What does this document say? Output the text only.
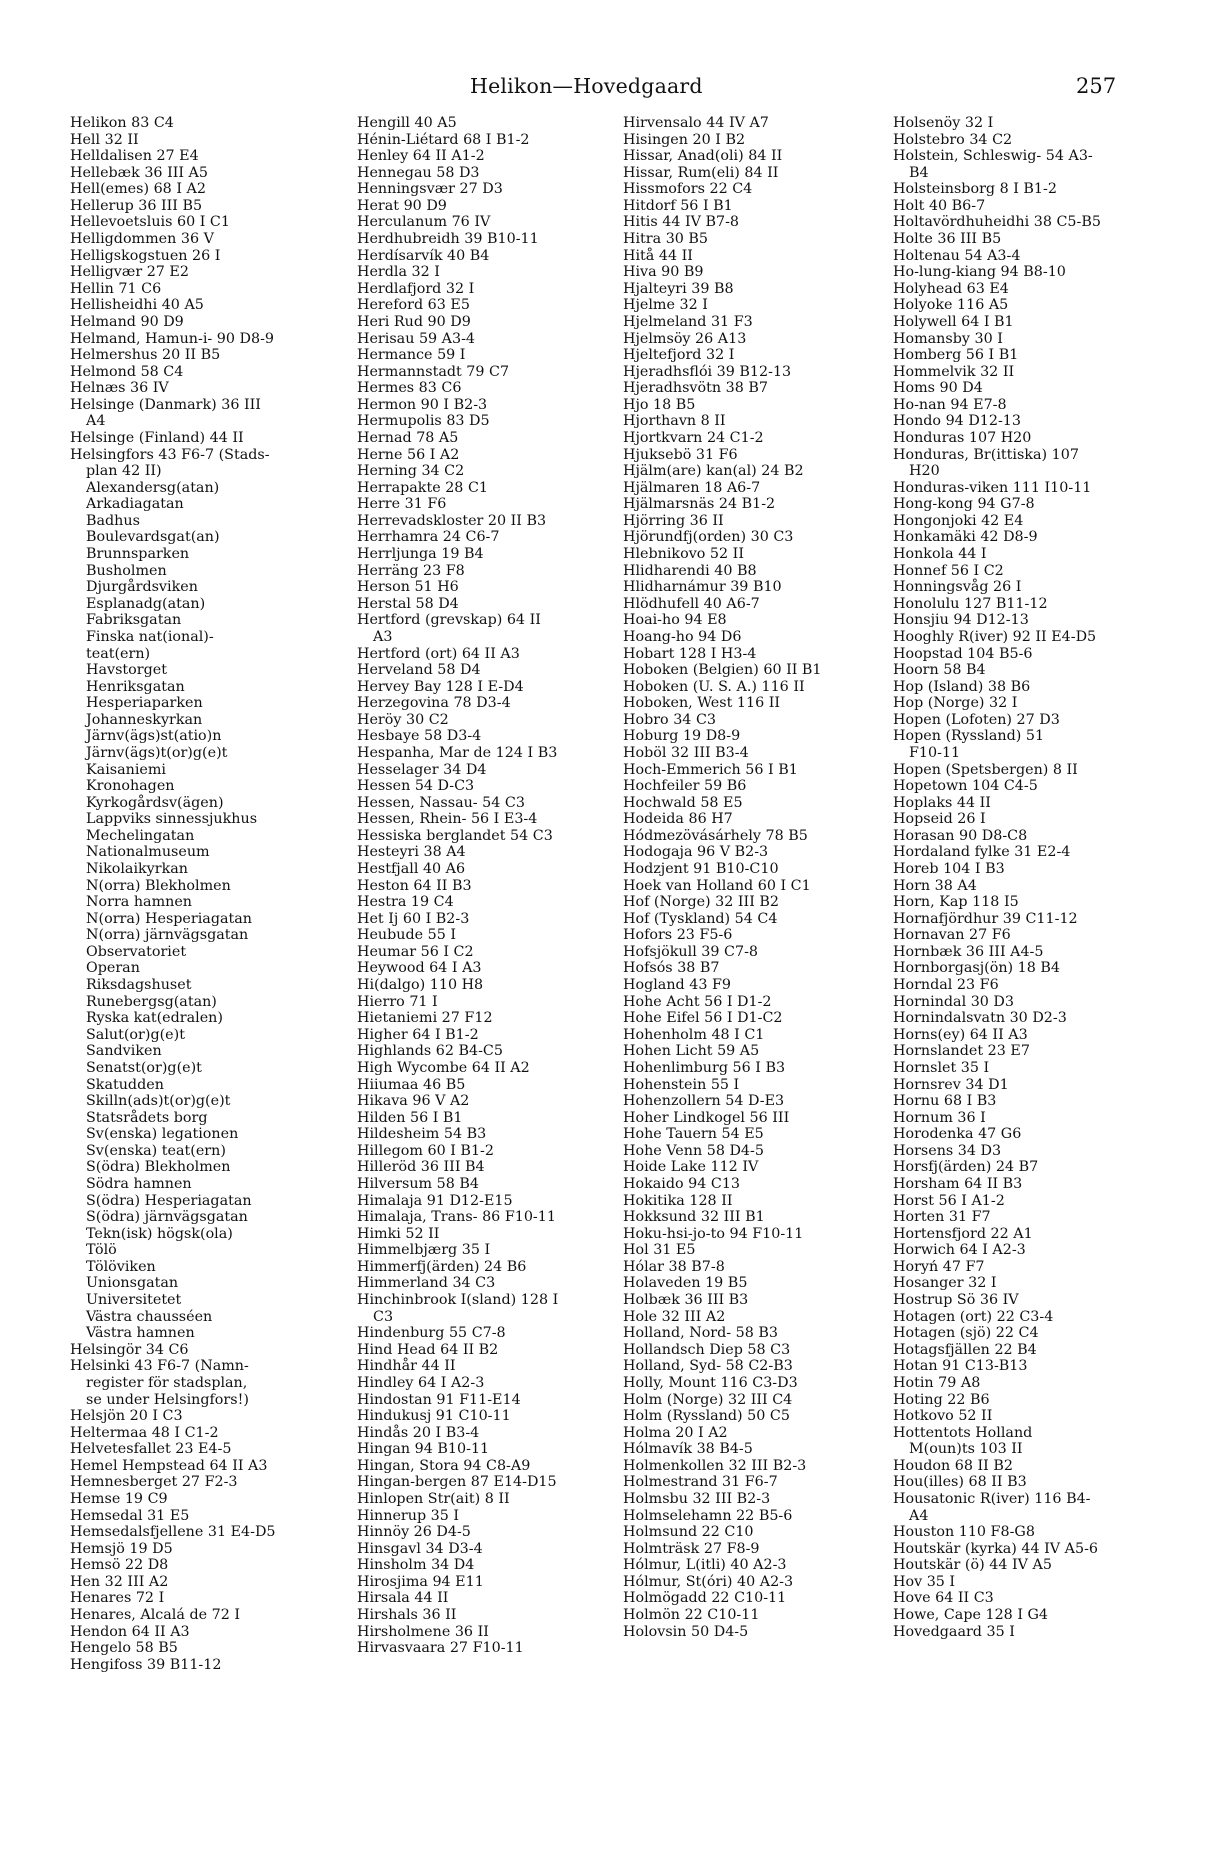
Helikon—Hovedgaard	257
Helikon 83 C4
Hell 32 II
Helldalisen 27 E4
Hellebæk 36 III A5
Hell(emes) 68 I A2
Hellerup 36 III B5
Hellevoetsluis 60 I C1
Helligdommen 36 V
Helligskogstuen 26 I
Helligvær 27 E2
Hellin 71 C6
Hellisheidhi 40 A5
Helmand 90 D9
Helmand, Hamun-i- 90 D8-9
Helmershus 20 II B5
Helmond 58 C4
Helnæs 36 IV
Helsinge (Danmark) 36 III
A4
Helsinge (Finland) 44 II
Helsingfors 43 F6-7 (Stads-
plan 42 II)
Alexandersg(atan)
Arkadiagatan
Badhus
Boulevardsgat(an)
Brunnsparken
Busholmen
Djurgårdsviken
Esplanadg(atan)
Fabriksgatan
Finska nat(ional)-
teat(ern)
Havstorget
Henriksgatan
Hesperiaparken
Johanneskyrkan
Järnv(ägs)st(atio)n
Järnv(ägs)t(or)g(e)t
Kaisaniemi
Kronohagen
Kyrkogårdsv(ägen)
Lappviks sinnessjukhus
Mechelingatan
Nationalmuseum
Nikolaikyrkan
N(orra) Blekholmen
Norra hamnen
N(orra) Hesperiagatan
N(orra) järnvägsgatan
Observatoriet
Operan
Riksdagshuset
Runebergsg(atan)
Ryska kat(edralen)
Salut(or)g(e)t
Sandviken
Senatst(or)g(e)t
Skatudden
Skilln(ads)t(or)g(e)t
Statsrådets borg
Sv(enska) legationen
Sv(enska) teat(ern)
S(ödra) Blekholmen
Södra hamnen
S(ödra) Hesperiagatan
S(ödra) järnvägsgatan
Tekn(isk) högsk(ola)
Tölö
Tölöviken
Unionsgatan
Universitetet
Västra chausséen
Västra hamnen
Helsingör 34 C6
Helsinki 43 F6-7 (Namn-
register för stadsplan,
se under Helsingfors!)
Helsjön 20 I C3
Heltermaa 48 I C1-2
Helvetesfallet 23 E4-5
Hemel Hempstead 64 II A3
Hemnesberget 27 F2-3
Hemse 19 C9
Hemsedal 31 E5
Hemsedalsfjellene 31 E4-D5
Hemsjö 19 D5
Hemsö 22 D8
Hen 32 III A2
Henares 72 I
Henares, Alcalá de 72 I
Hendon 64 II A3
Hengelo 58 B5
Hengifoss 39 B11-12
Hengill 40 A5
Hénin-Liétard 68 I B1-2
Henley 64 II A1-2
Hennegau 58 D3
Henningsvær 27 D3
Herat 90 D9
Herculanum 76 IV
Herdhubreidh 39 B10-11
Herdísarvík 40 B4
Herdla 32 I
Herdlafjord 32 I
Hereford 63 E5
Heri Rud 90 D9
Herisau 59 A3-4
Hermance 59 I
Hermannstadt 79 C7
Hermes 83 C6
Hermon 90 I B2-3
Hermupolis 83 D5
Hernad 78 A5
Herne 56 I A2
Herning 34 C2
Herrapakte 28 C1
Herre 31 F6
Herrevadskloster 20 II B3
Herrhamra 24 C6-7
Herrljunga 19 B4
Herräng 23 F8
Herson 51 H6
Herstal 58 D4
Hertford (grevskap) 64 II
A3
Hertford (ort) 64 II A3
Herveland 58 D4
Hervey Bay 128 I E-D4
Herzegovina 78 D3-4
Heröy 30 C2
Hesbaye 58 D3-4
Hespanha, Mar de 124 I B3
Hesselager 34 D4
Hessen 54 D-C3
Hessen, Nassau- 54 C3
Hessen, Rhein- 56 I E3-4
Hessiska berglandet 54 C3
Hesteyri 38 A4
Hestfjall 40 A6
Heston 64 II B3
Hestra 19 C4
Het Ij 60 I B2-3
Heubude 55 I
Heumar 56 I C2
Heywood 64 I A3
Hi(dalgo) 110 H8
Hierro 71 I
Hietaniemi 27 F12
Higher 64 I B1-2
Highlands 62 B4-C5
High Wycombe 64 II A2
Hiiumaa 46 B5
Hikava 96 V A2
Hilden 56 I B1
Hildesheim 54 B3
Hillegom 60 I B1-2
Hilleröd 36 III B4
Hilversum 58 B4
Himalaja 91 D12-E15
Himalaja, Trans- 86 F10-11
Himki 52 II
Himmelbjærg 35 I
Himmerfj(ärden) 24 B6
Himmerland 34 C3
Hinchinbrook I(sland) 128 I
C3
Hindenburg 55 C7-8
Hind Head 64 II B2
Hindhår 44 II
Hindley 64 I A2-3
Hindostan 91 F11-E14
Hindukusj 91 C10-11
Hindås 20 I B3-4
Hingan 94 B10-11
Hingan, Stora 94 C8-A9
Hingan-bergen 87 E14-D15
Hinlopen Str(ait) 8 II
Hinnerup 35 I
Hinnöy 26 D4-5
Hinsgavl 34 D3-4
Hinsholm 34 D4
Hirosjima 94 E11
Hirsala 44 II
Hirshals 36 II
Hirsholmene 36 II
Hirvasvaara 27 F10-11
Hirvensalo 44 IV A7
Hisingen 20 I B2
Hissar, Anad(oli) 84 II
Hissar, Rum(eli) 84 II
Hissmofors 22 C4
Hitdorf 56 I B1
Hitis 44 IV B7-8
Hitra 30 B5
Hitå 44 II
Hiva 90 B9
Hjalteyri 39 B8
Hjelme 32 I
Hjelmeland 31 F3
Hjelmsöy 26 A13
Hjeltefjord 32 I
Hjeradhsflói 39 B12-13
Hjeradhsvötn 38 B7
Hjo 18 B5
Hjorthavn 8 II
Hjortkvarn 24 C1-2
Hjuksebö 31 F6
Hjälm(are) kan(al) 24 B2
Hjälmaren 18 A6-7
Hjälmarsnäs 24 B1-2
Hjörring 36 II
Hjörundfj(orden) 30 C3
Hlebnikovo 52 II
Hlidharendi 40 B8
Hlidharnámur 39 B10
Hlödhufell 40 A6-7
Hoai-ho 94 E8
Hoang-ho 94 D6
Hobart 128 I H3-4
Hoboken (Belgien) 60 II B1
Hoboken (U. S. A.) 116 II
Hoboken, West 116 II
Hobro 34 C3
Hoburg 19 D8-9
Hoböl 32 III B3-4
Hoch-Emmerich 56 I B1
Hochfeiler 59 B6
Hochwald 58 E5
Hodeida 86 H7
Hódmezövásárhely 78 B5
Hodogaja 96 V B2-3
Hodzjent 91 B10-C10
Hoek van Holland 60 I C1
Hof (Norge) 32 III B2
Hof (Tyskland) 54 C4
Hofors 23 F5-6
Hofsjökull 39 C7-8
Hofsós 38 B7
Hogland 43 F9
Hohe Acht 56 I D1-2
Hohe Eifel 56 I D1-C2
Hohenholm 48 I C1
Hohen Licht 59 A5
Hohenlimburg 56 I B3
Hohenstein 55 I
Hohenzollern 54 D-E3
Hoher Lindkogel 56 III
Hohe Tauern 54 E5
Hohe Venn 58 D4-5
Hoide Lake 112 IV
Hokaido 94 C13
Hokitika 128 II
Hokksund 32 III B1
Hoku-hsi-jo-to 94 F10-11
Hol 31 E5
Hólar 38 B7-8
Holaveden 19 B5
Holbæk 36 III B3
Hole 32 III A2
Holland, Nord- 58 B3
Hollandsch Diep 58 C3
Holland, Syd- 58 C2-B3
Holly, Mount 116 C3-D3
Holm (Norge) 32 III C4
Holm (Ryssland) 50 C5
Holma 20 I A2
Hólmavík 38 B4-5
Holmenkollen 32 III B2-3
Holmestrand 31 F6-7
Holmsbu 32 III B2-3
Holmselehamn 22 B5-6
Holmsund 22 C10
Holmträsk 27 F8-9
Hólmur, L(itli) 40 A2-3
Hólmur, St(óri) 40 A2-3
Holmögadd 22 C10-11
Holmön 22 C10-11
Holovsin 50 D4-5
Holsenöy 32 I
Holstebro 34 C2
Holstein, Schleswig- 54 A3-
B4
Holsteinsborg 8 I B1-2
Holt 40 B6-7
Holtavördhuheidhi 38 C5-B5
Holte 36 III B5
Holtenau 54 A3-4
Ho-lung-kiang 94 B8-10
Holyhead 63 E4
Holyoke 116 A5
Holywell 64 I B1
Homansby 30 I
Homberg 56 I B1
Hommelvik 32 II
Homs 90 D4
Ho-nan 94 E7-8
Hondo 94 D12-13
Honduras 107 H20
Honduras, Br(ittiska) 107
H20
Honduras-viken 111 I10-11
Hong-kong 94 G7-8
Hongonjoki 42 E4
Honkamäki 42 D8-9
Honkola 44 I
Honnef 56 I C2
Honningsvåg 26 I
Honolulu 127 B11-12
Honsjiu 94 D12-13
Hooghly R(iver) 92 II E4-D5
Hoopstad 104 B5-6
Hoorn 58 B4
Hop (Island) 38 B6
Hop (Norge) 32 I
Hopen (Lofoten) 27 D3
Hopen (Ryssland) 51
F10-11
Hopen (Spetsbergen) 8 II
Hopetown 104 C4-5
Hoplaks 44 II
Hopseid 26 I
Horasan 90 D8-C8
Hordaland fylke 31 E2-4
Horeb 104 I B3
Horn 38 A4
Horn, Kap 118 I5
Hornafjördhur 39 C11-12
Hornavan 27 F6
Hornbæk 36 III A4-5
Hornborgasj(ön) 18 B4
Horndal 23 F6
Hornindal 30 D3
Hornindalsvatn 30 D2-3
Horns(ey) 64 II A3
Hornslandet 23 E7
Hornslet 35 I
Hornsrev 34 D1
Hornu 68 I B3
Hornum 36 I
Horodenka 47 G6
Horsens 34 D3
Horsfj(ärden) 24 B7
Horsham 64 II B3
Horst 56 I A1-2
Horten 31 F7
Hortensfjord 22 A1
Horwich 64 I A2-3
Horyń 47 F7
Hosanger 32 I
Hostrup Sö 36 IV
Hotagen (ort) 22 C3-4
Hotagen (sjö) 22 C4
Hotagsfjällen 22 B4
Hotan 91 C13-B13
Hotin 79 A8
Hoting 22 B6
Hotkovo 52 II
Hottentots Holland
M(oun)ts 103 II
Houdon 68 II B2
Hou(illes) 68 II B3
Housatonic R(iver) 116 B4-
A4
Houston 110 F8-G8
Houtskär (kyrka) 44 IV A5-6
Houtskär (ö) 44 IV A5
Hov 35 I
Hove 64 II C3
Howe, Cape 128 I G4
Hovedgaard 35 I
